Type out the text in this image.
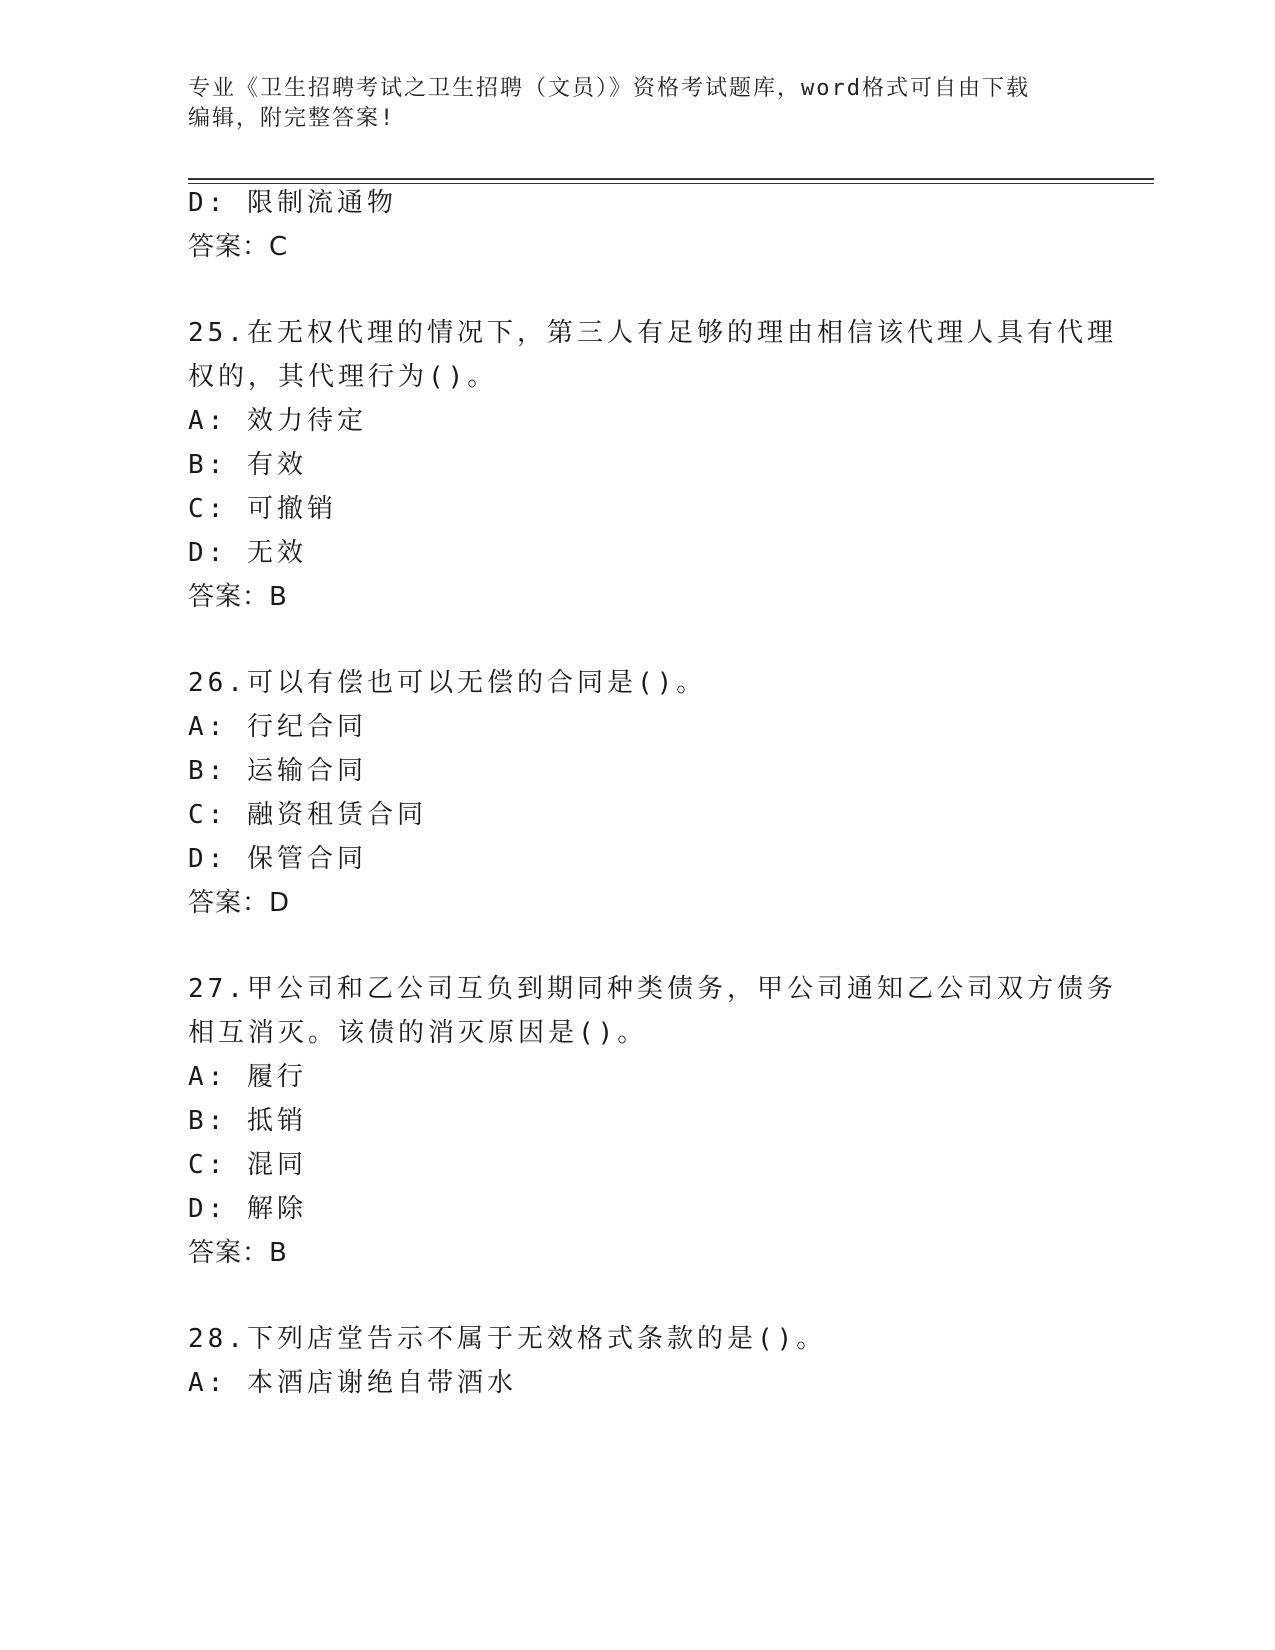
专业《卫生招聘考试之卫生招聘（文员）》资格考试题库，word格式可自由下载
编辑，附完整答案!
D: 限制流通物
答案：C
25.在无权代理的情况下，第三人有足够的理由相信该代理人具有代理
权的，其代理行为()。
A: 效力待定
B: 有效
C: 可撤销
D: 无效
答案：B
26.可以有偿也可以无偿的合同是()。
A: 行纪合同
B: 运输合同
C: 融资租赁合同
D: 保管合同
答案：D
27.甲公司和乙公司互负到期同种类债务，甲公司通知乙公司双方债务
相互消灭。该债的消灭原因是()。
A: 履行
B: 抵销
C: 混同
D: 解除
答案：B
28.下列店堂告示不属于无效格式条款的是()。
A: 本酒店谢绝自带酒水
